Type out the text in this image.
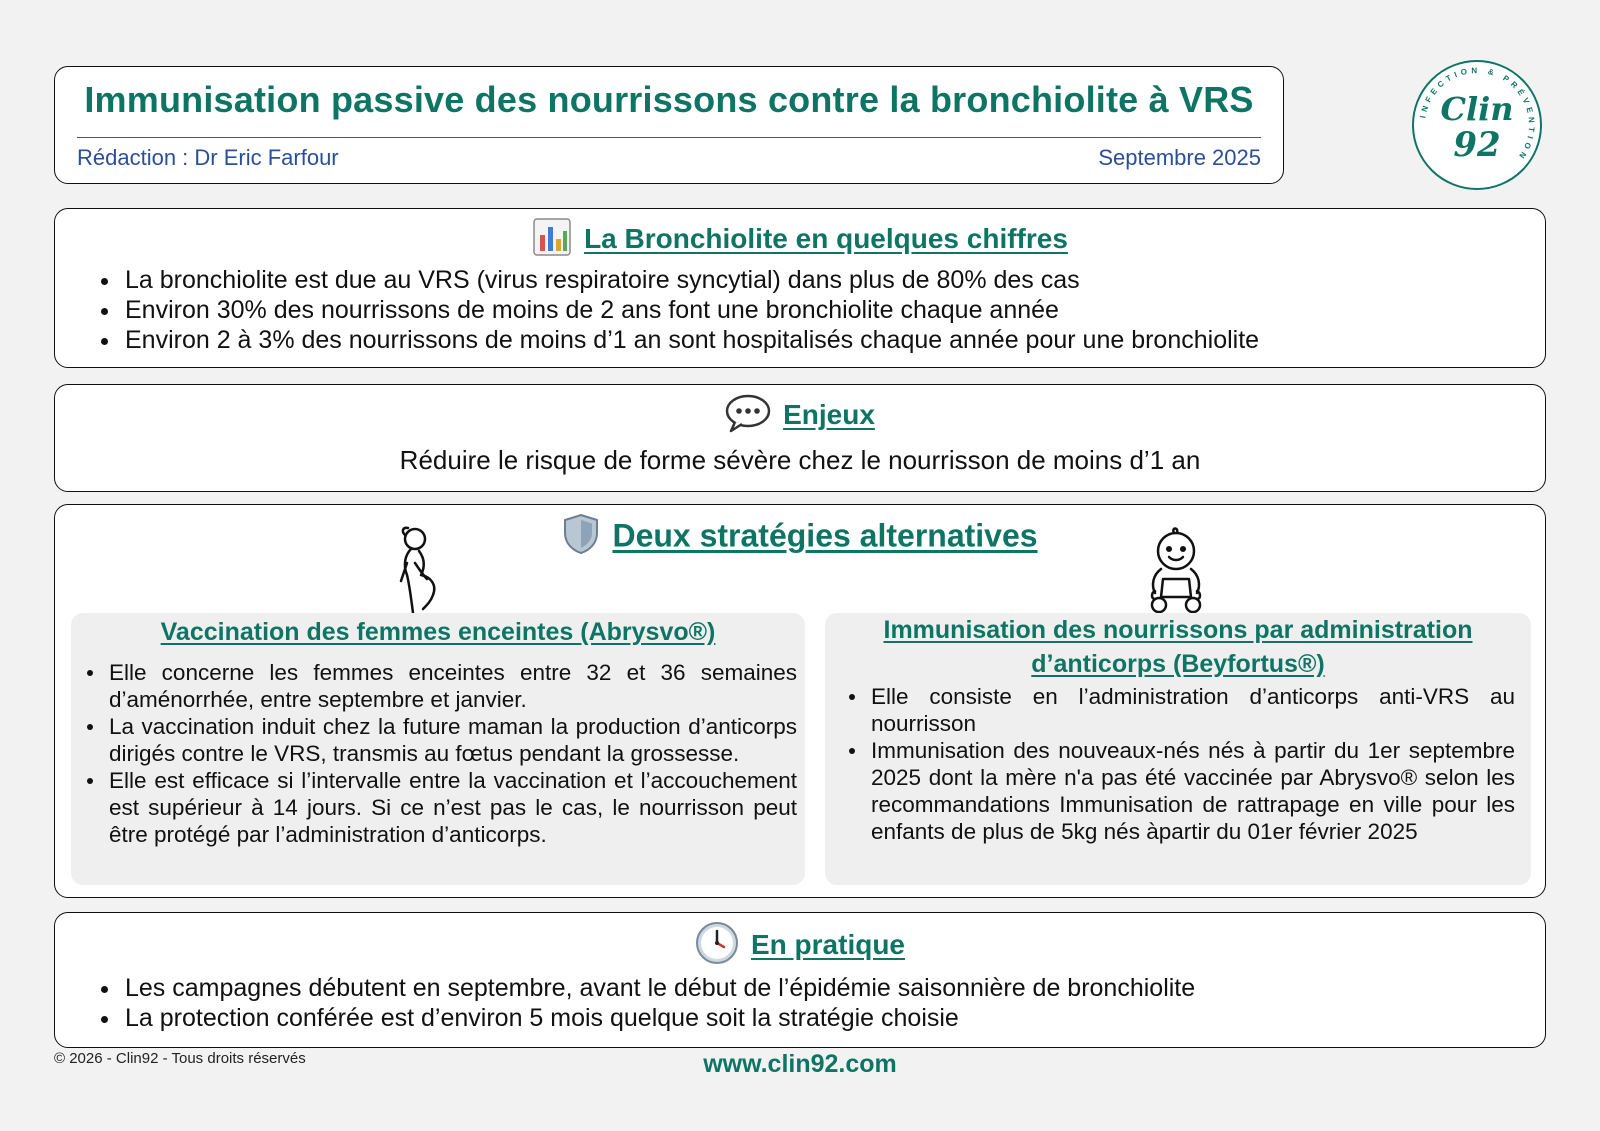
Immunisation passive des nourrissons contre la bronchiolite à VRS
Rédaction : Dr Eric Farfour	Septembre 2025
INFECTION & PRÉVENTION
Clin
92
La Bronchiolite en quelques chiffres
La bronchiolite est due au VRS (virus respiratoire syncytial) dans plus de 80% des cas
Environ 30% des nourrissons de moins de 2 ans font une bronchiolite chaque année
Environ 2 à 3% des nourrissons de moins d’1 an sont hospitalisés chaque année pour une bronchiolite
Enjeux
Réduire le risque de forme sévère chez le nourrisson de moins d’1 an
Deux stratégies alternatives
Vaccination des femmes enceintes (Abrysvo®)
Elle concerne les femmes enceintes entre 32 et 36 semaines d’aménorrhée, entre septembre et janvier.
La vaccination induit chez la future maman la production d’anticorps dirigés contre le VRS, transmis au fœtus pendant la grossesse.
Elle est efficace si l’intervalle entre la vaccination et l’accouchement est supérieur à 14 jours. Si ce n’est pas le cas, le nourrisson peut être protégé par l’administration d’anticorps.
Immunisation des nourrissons par administration d’anticorps (Beyfortus®)
Elle consiste en l’administration d’anticorps anti-VRS au nourrisson
Immunisation des nouveaux-nés nés à partir du 1er septembre 2025 dont la mère n'a pas été vaccinée par Abrysvo® selon les recommandations Immunisation de rattrapage en ville pour les enfants de plus de 5kg nés àpartir du 01er février 2025
En pratique
Les campagnes débutent en septembre, avant le début de l’épidémie saisonnière de bronchiolite
La protection conférée est d’environ 5 mois quelque soit la stratégie choisie
© 2026 - Clin92 - Tous droits réservés	www.clin92.com
